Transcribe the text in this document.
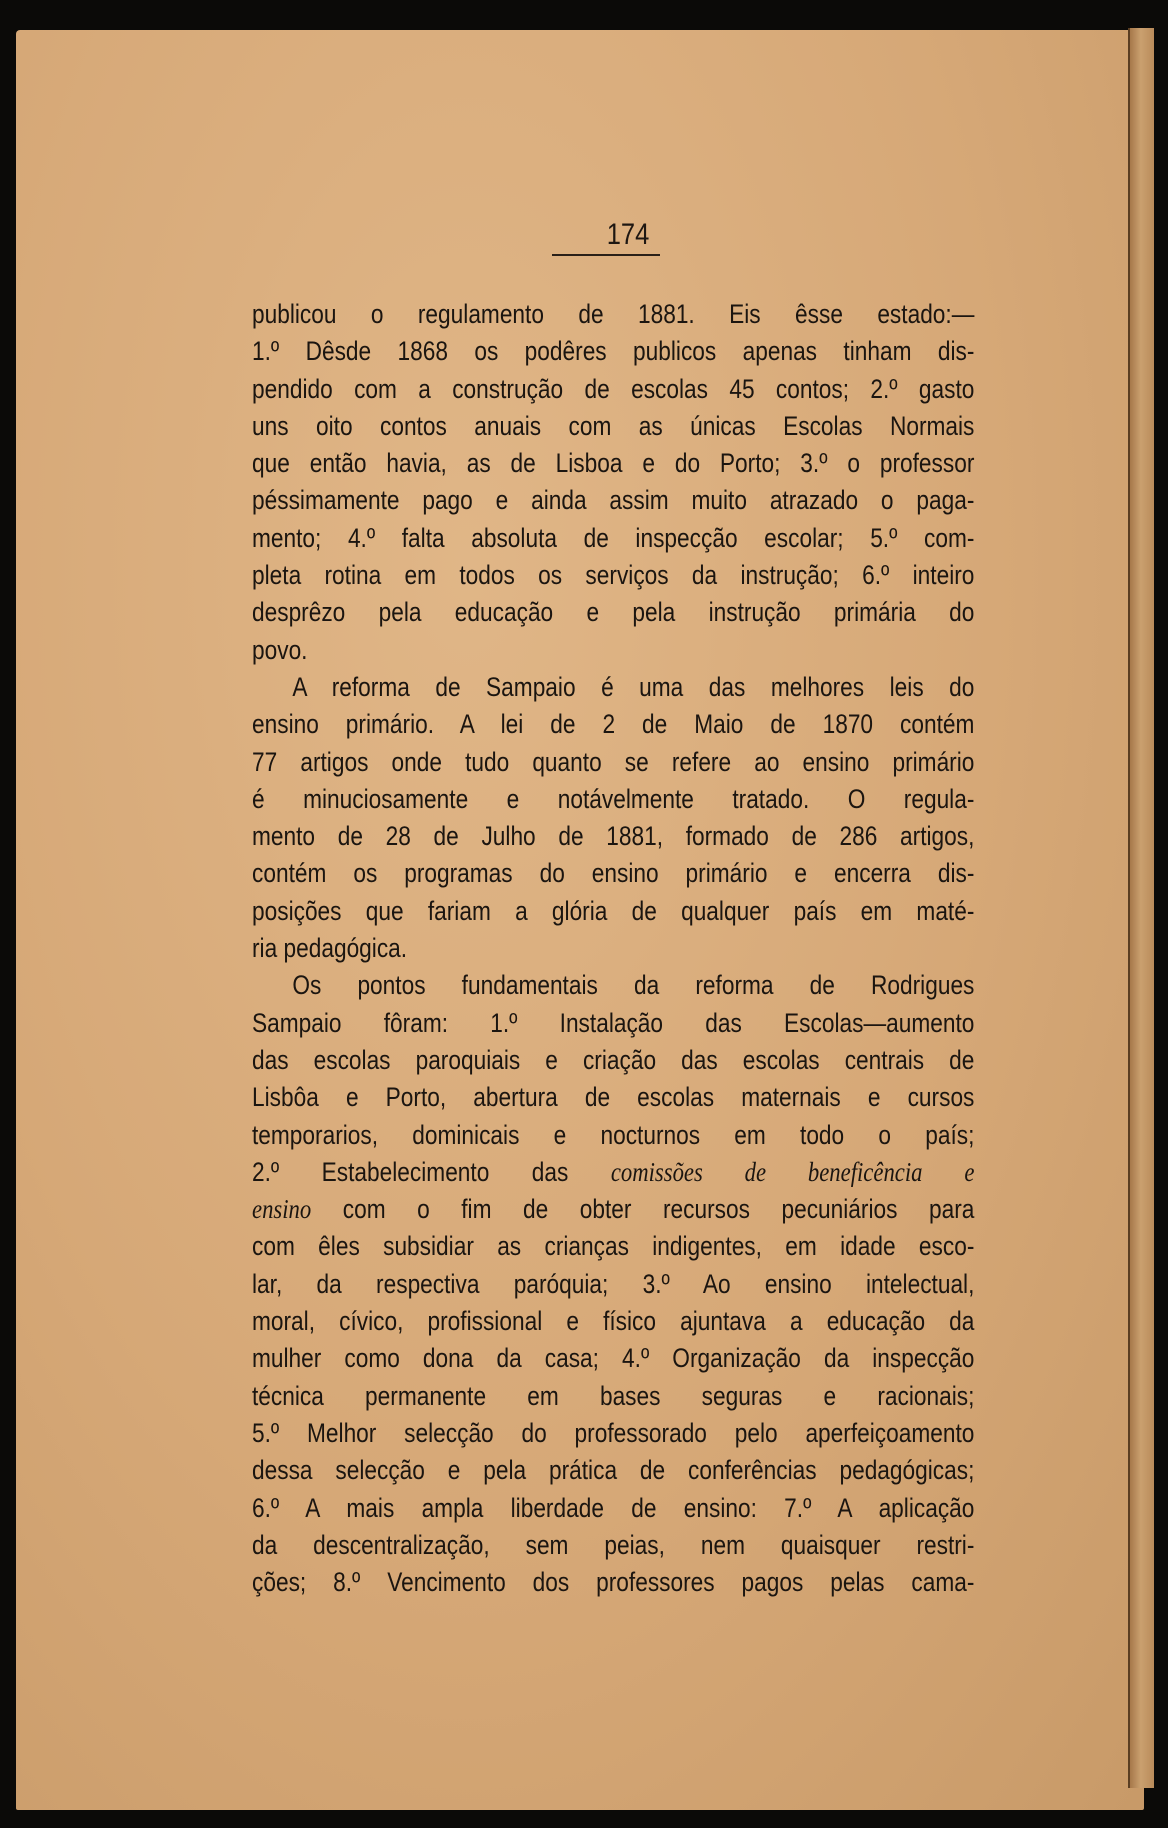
174
publicou o regulamento de 1881. Eis êsse estado:—
1.º Dêsde 1868 os podêres publicos apenas tinham dis-
pendido com a construção de escolas 45 contos; 2.º gasto
uns oito contos anuais com as únicas Escolas Normais
que então havia, as de Lisboa e do Porto; 3.º o professor
péssimamente pago e ainda assim muito atrazado o paga-
mento; 4.º falta absoluta de inspecção escolar; 5.º com-
pleta rotina em todos os serviços da instrução; 6.º inteiro
desprêzo pela educação e pela instrução primária do
povo.
A reforma de Sampaio é uma das melhores leis do
ensino primário. A lei de 2 de Maio de 1870 contém
77 artigos onde tudo quanto se refere ao ensino primário
é minuciosamente e notávelmente tratado. O regula-
mento de 28 de Julho de 1881, formado de 286 artigos,
contém os programas do ensino primário e encerra dis-
posições que fariam a glória de qualquer país em maté-
ria pedagógica.
Os pontos fundamentais da reforma de Rodrigues
Sampaio fôram: 1.º Instalação das Escolas—aumento
das escolas paroquiais e criação das escolas centrais de
Lisbôa e Porto, abertura de escolas maternais e cursos
temporarios, dominicais e nocturnos em todo o país;
2.º Estabelecimento das comissões de beneficência e
ensino com o fim de obter recursos pecuniários para
com êles subsidiar as crianças indigentes, em idade esco-
lar, da respectiva paróquia; 3.º Ao ensino intelectual,
moral, cívico, profissional e físico ajuntava a educação da
mulher como dona da casa; 4.º Organização da inspecção
técnica permanente em bases seguras e racionais;
5.º Melhor selecção do professorado pelo aperfeiçoamento
dessa selecção e pela prática de conferências pedagógicas;
6.º A mais ampla liberdade de ensino: 7.º A aplicação
da descentralização, sem peias, nem quaisquer restri-
ções; 8.º Vencimento dos professores pagos pelas cama-
